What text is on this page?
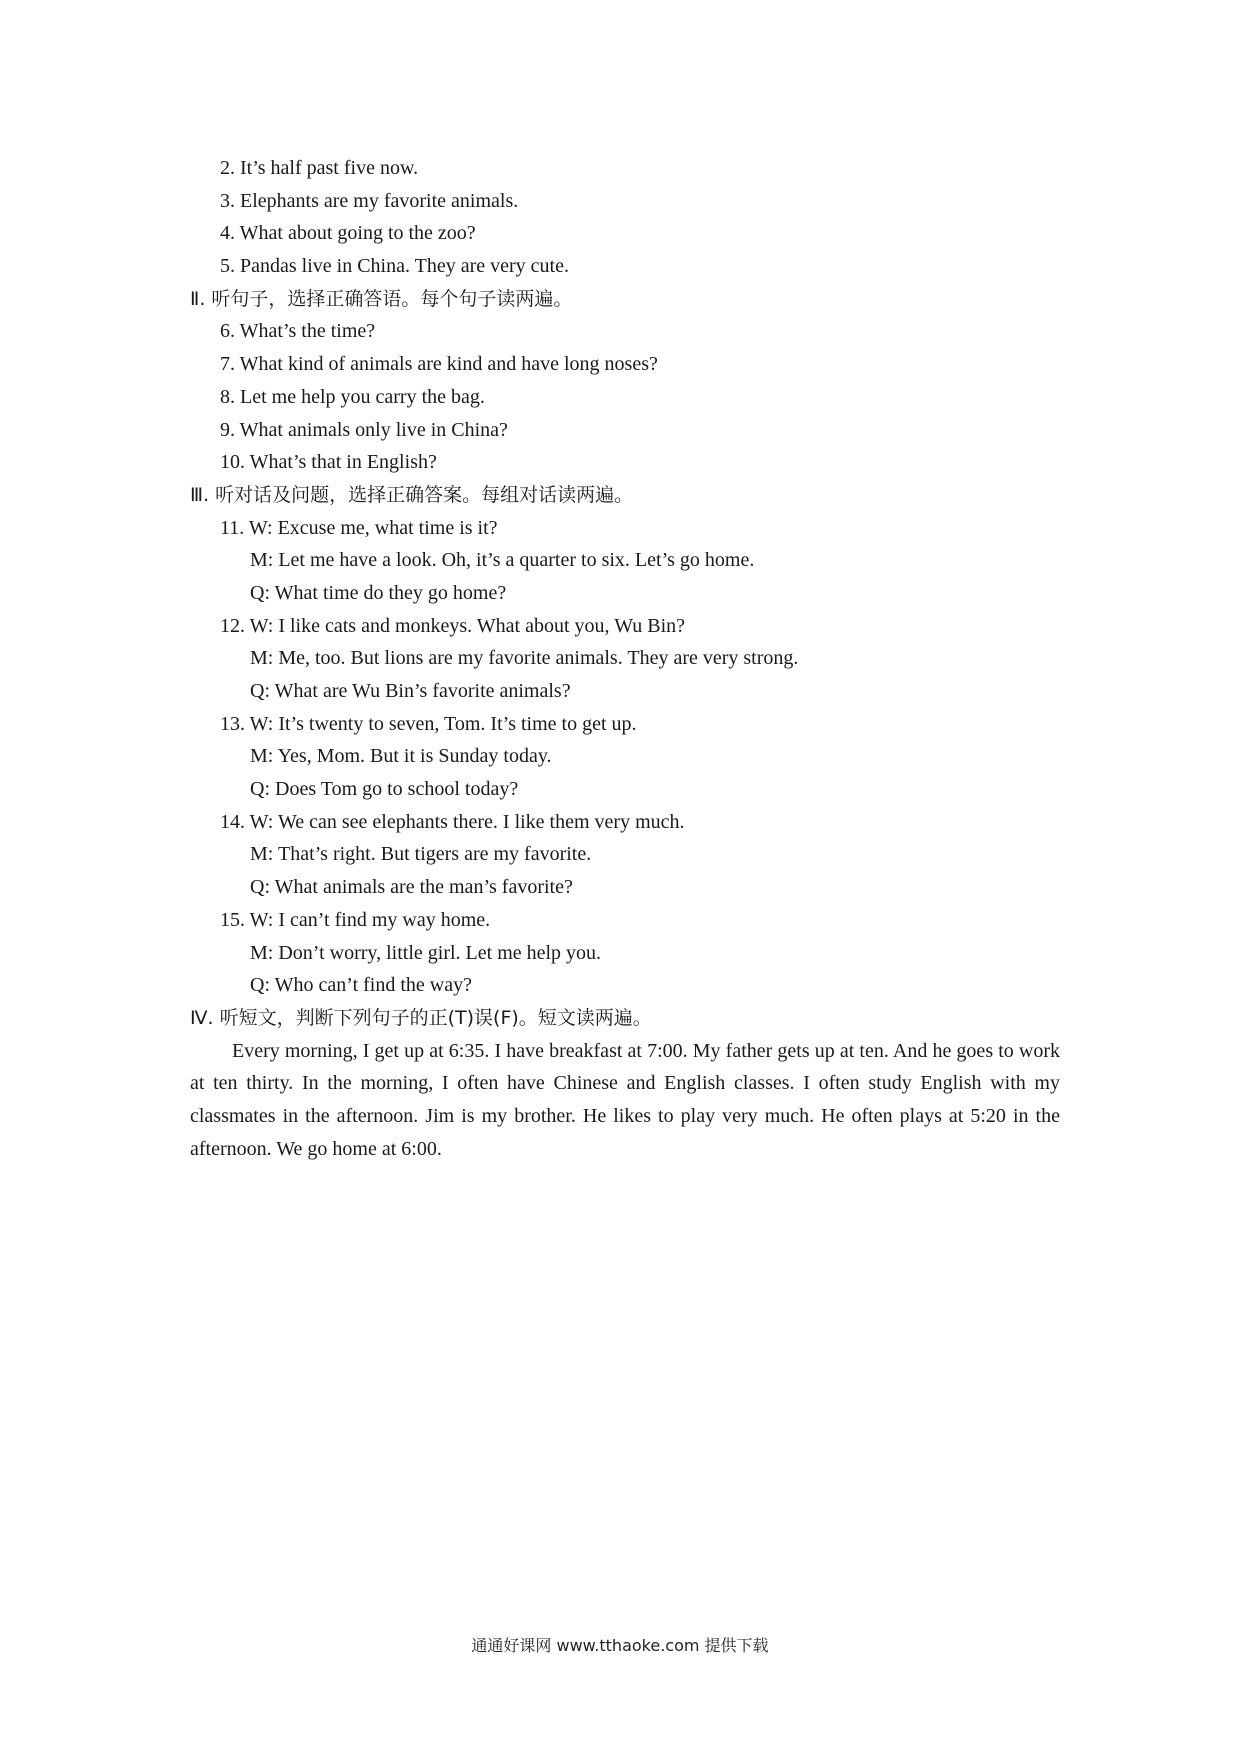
2. It’s half past five now.
3. Elephants are my favorite animals.
4. What about going to the zoo?
5. Pandas live in China. They are very cute.
Ⅱ. 听句子，选择正确答语。每个句子读两遍。
6. What’s the time?
7. What kind of animals are kind and have long noses?
8. Let me help you carry the bag.
9. What animals only live in China?
10. What’s that in English?
Ⅲ. 听对话及问题，选择正确答案。每组对话读两遍。
11. W: Excuse me, what time is it?
M: Let me have a look. Oh, it’s a quarter to six. Let’s go home.
Q: What time do they go home?
12. W: I like cats and monkeys. What about you, Wu Bin?
M: Me, too. But lions are my favorite animals. They are very strong.
Q: What are Wu Bin’s favorite animals?
13. W: It’s twenty to seven, Tom. It’s time to get up.
M: Yes, Mom. But it is Sunday today.
Q: Does Tom go to school today?
14. W: We can see elephants there. I like them very much.
M: That’s right. But tigers are my favorite.
Q: What animals are the man’s favorite?
15. W: I can’t find my way home.
M: Don’t worry, little girl. Let me help you.
Q: Who can’t find the way?
Ⅳ. 听短文，判断下列句子的正(T)误(F)。短文读两遍。

Every morning, I get up at 6:35. I have breakfast at 7:00. My father gets up at ten. And he goes to work at ten thirty. In the morning, I often have Chinese and English classes. I often study English with my classmates in the afternoon. Jim is my brother. He likes to play very much. He often plays at 5:20 in the afternoon. We go home at 6:00.

通通好课网 www.tthaoke.com 提供下载
